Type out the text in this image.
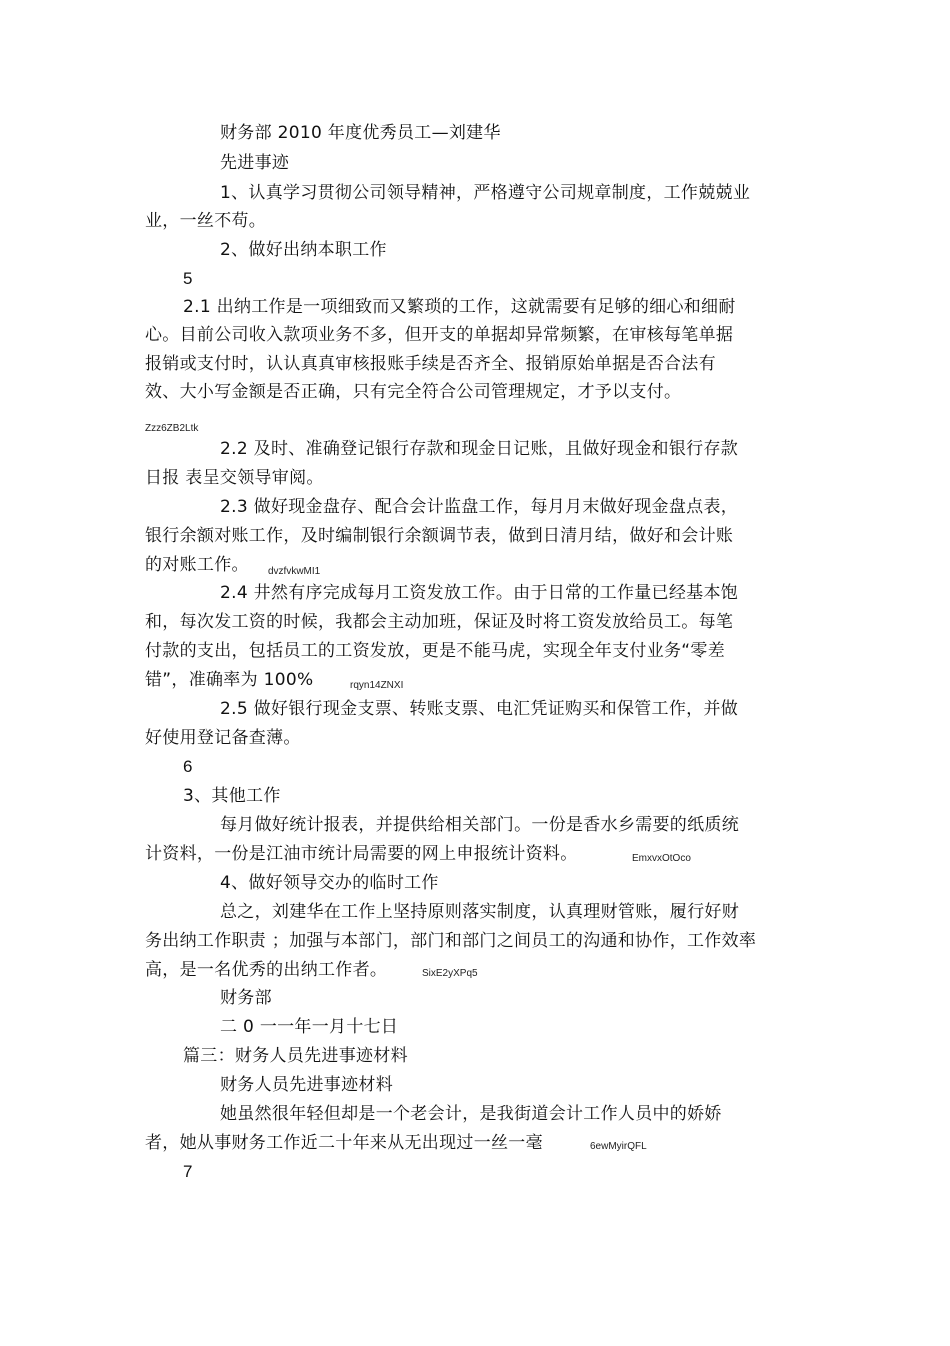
财务部 2010 年度优秀员工—刘建华
先进事迹
1、认真学习贯彻公司领导精神，严格遵守公司规章制度，工作兢兢业
业，一丝不苟。
2、做好出纳本职工作
5
2.1 出纳工作是一项细致而又繁琐的工作，这就需要有足够的细心和细耐
心。目前公司收入款项业务不多，但开支的单据却异常频繁，在审核每笔单据
报销或支付时，认认真真审核报账手续是否齐全、报销原始单据是否合法有
效、大小写金额是否正确，只有完全符合公司管理规定，才予以支付。
Zzz6ZB2Ltk
2.2 及时、准确登记银行存款和现金日记账，且做好现金和银行存款
日报 表呈交领导审阅。
2.3 做好现金盘存、配合会计监盘工作，每月月末做好现金盘点表，
银行余额对账工作，及时编制银行余额调节表，做到日清月结，做好和会计账
的对账工作。 dvzfvkwMI1
2.4 井然有序完成每月工资发放工作。由于日常的工作量已经基本饱
和，每次发工资的时候，我都会主动加班，保证及时将工资发放给员工。每笔
付款的支出，包括员工的工资发放，更是不能马虎，实现全年支付业务“零差
错”，准确率为 100%	rqyn14ZNXI
2.5 做好银行现金支票、转账支票、电汇凭证购买和保管工作，并做
好使用登记备查薄。
6
3、其他工作
每月做好统计报表，并提供给相关部门。一份是香水乡需要的纸质统
计资料，一份是江油市统计局需要的网上申报统计资料。	EmxvxOtOco
4、做好领导交办的临时工作
总之，刘建华在工作上坚持原则落实制度，认真理财管账，履行好财
务出纳工作职责 ；加强与本部门，部门和部门之间员工的沟通和协作，工作效率
高，是一名优秀的出纳工作者。	SixE2yXPq5
财务部
二 0 一一年一月十七日
篇三：财务人员先进事迹材料
财务人员先进事迹材料
她虽然很年轻但却是一个老会计，是我街道会计工作人员中的娇娇
者，她从事财务工作近二十年来从无出现过一丝一毫	6ewMyirQFL
7
